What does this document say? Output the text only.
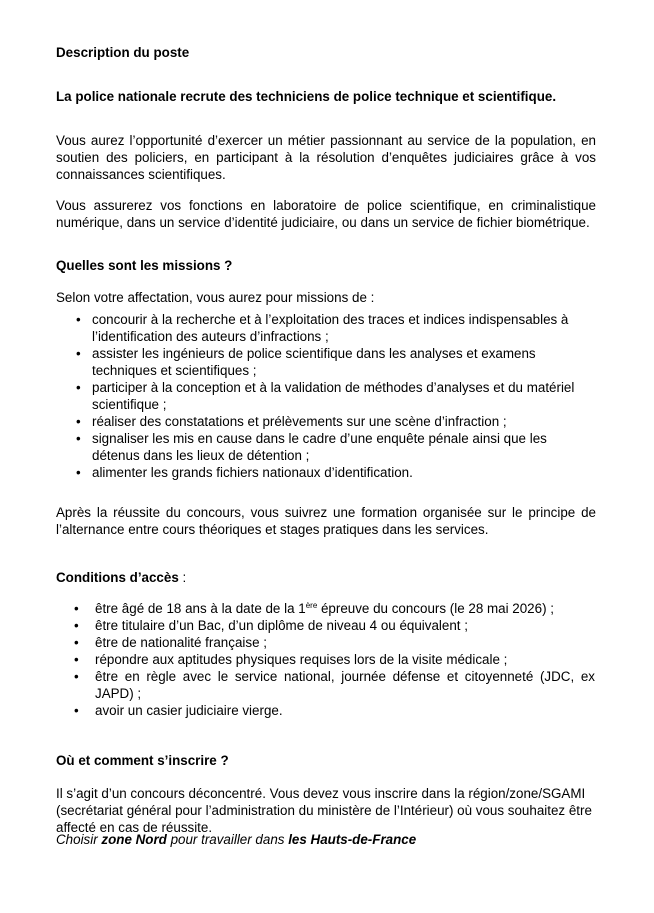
Description du poste
La police nationale recrute des techniciens de police technique et scientifique.
Vous aurez l’opportunité d’exercer un métier passionnant au service de la population, en soutien des policiers, en participant à la résolution d’enquêtes judiciaires grâce à vos connaissances scientifiques.
Vous assurerez vos fonctions en laboratoire de police scientifique, en criminalistique numérique, dans un service d’identité judiciaire, ou dans un service de fichier biométrique.
Quelles sont les missions ?
Selon votre affectation, vous aurez pour missions de :
• concourir à la recherche et à l’exploitation des traces et indices indispensables à l’identification des auteurs d’infractions ;
• assister les ingénieurs de police scientifique dans les analyses et examens techniques et scientifiques ;
• participer à la conception et à la validation de méthodes d’analyses et du matériel scientifique ;
• réaliser des constatations et prélèvements sur une scène d’infraction ;
• signaliser les mis en cause dans le cadre d’une enquête pénale ainsi que les détenus dans les lieux de détention ;
• alimenter les grands fichiers nationaux d’identification.
Après la réussite du concours, vous suivrez une formation organisée sur le principe de l’alternance entre cours théoriques et stages pratiques dans les services.
Conditions d’accès :
• être âgé de 18 ans à la date de la 1ère épreuve du concours (le 28 mai 2026) ;
• être titulaire d’un Bac, d’un diplôme de niveau 4 ou équivalent ;
• être de nationalité française ;
• répondre aux aptitudes physiques requises lors de la visite médicale ;
• être en règle avec le service national, journée défense et citoyenneté (JDC, ex JAPD) ;
• avoir un casier judiciaire vierge.
Où et comment s’inscrire ?
Il s’agit d’un concours déconcentré. Vous devez vous inscrire dans la région/zone/SGAMI (secrétariat général pour l’administration du ministère de l’Intérieur) où vous souhaitez être affecté en cas de réussite.
Choisir zone Nord pour travailler dans les Hauts-de-France
